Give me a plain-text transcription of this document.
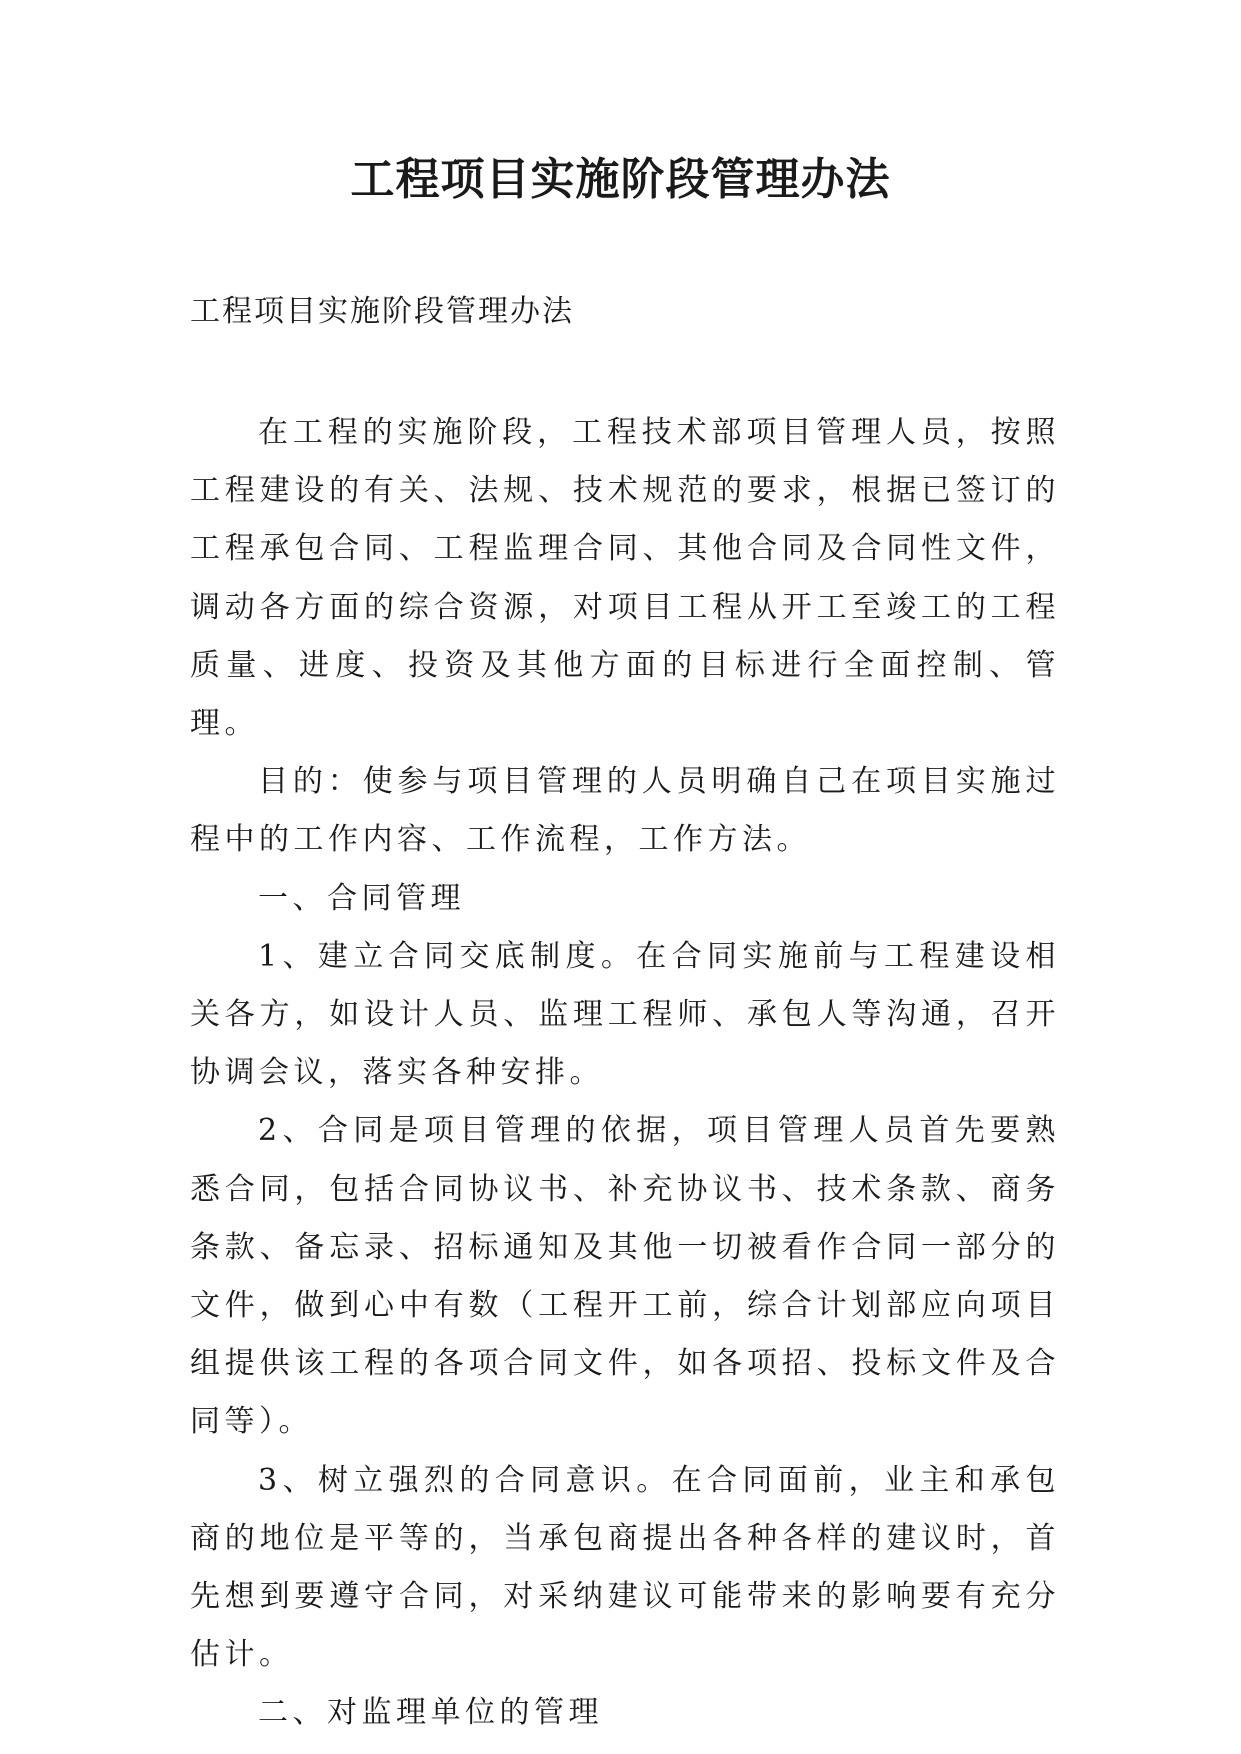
工程项目实施阶段管理办法

工程项目实施阶段管理办法

在工程的实施阶段，工程技术部项目管理人员，按照工程建设的有关、法规、技术规范的要求，根据已签订的工程承包合同、工程监理合同、其他合同及合同性文件，调动各方面的综合资源，对项目工程从开工至竣工的工程质量、进度、投资及其他方面的目标进行全面控制、管理。

目的：使参与项目管理的人员明确自己在项目实施过程中的工作内容、工作流程，工作方法。

一、合同管理

1、建立合同交底制度。在合同实施前与工程建设相关各方，如设计人员、监理工程师、承包人等沟通，召开协调会议，落实各种安排。

2、合同是项目管理的依据，项目管理人员首先要熟悉合同，包括合同协议书、补充协议书、技术条款、商务条款、备忘录、招标通知及其他一切被看作合同一部分的文件，做到心中有数（工程开工前，综合计划部应向项目组提供该工程的各项合同文件，如各项招、投标文件及合同等）。

3、树立强烈的合同意识。在合同面前，业主和承包商的地位是平等的，当承包商提出各种各样的建议时，首先想到要遵守合同，对采纳建议可能带来的影响要有充分估计。

二、对监理单位的管理
